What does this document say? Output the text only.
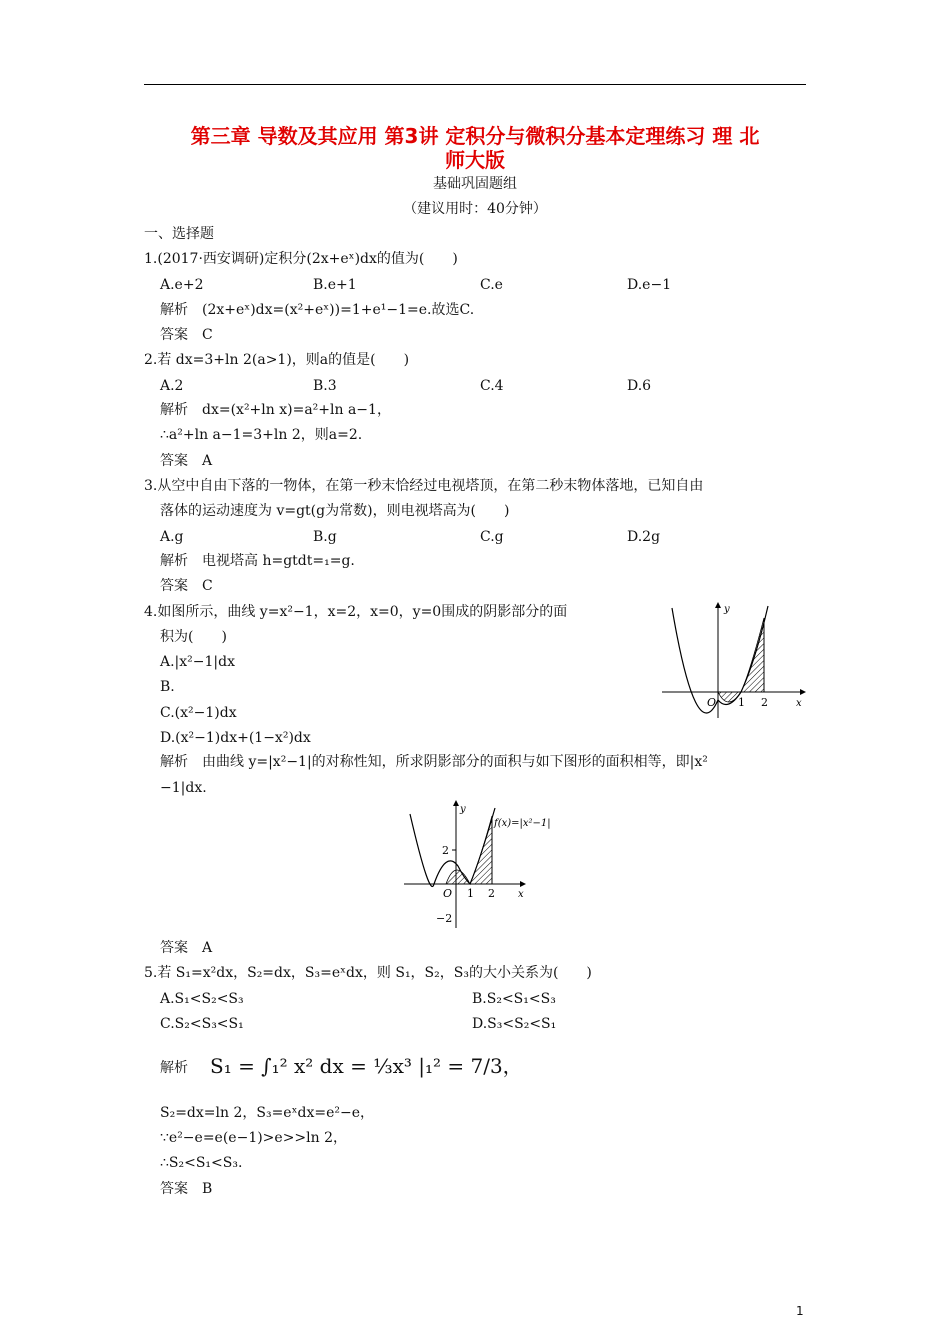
第三章 导数及其应用 第3讲 定积分与微积分基本定理练习 理 北
师大版
基础巩固题组
（建议用时：40分钟）
一、选择题
1.(2017·西安调研)定积分(2x+eˣ)dx的值为(　　)
A.e+2	B.e+1	C.e	D.e−1
解析　(2x+eˣ)dx=(x²+eˣ))=1+e¹−1=e.故选C.
答案　C
2.若 dx=3+ln 2(a>1)，则a的值是(　　)
A.2	B.3	C.4	D.6
解析　dx=(x²+ln x)=a²+ln a−1，
∴a²+ln a−1=3+ln 2，则a=2.
答案　A
3.从空中自由下落的一物体，在第一秒末恰经过电视塔顶，在第二秒末物体落地，已知自由
落体的运动速度为 v=gt(g为常数)，则电视塔高为(　　)
A.g	B.g	C.g	D.2g
解析　电视塔高 h=gtdt=₁=g.
答案　C
4.如图所示，曲线 y=x²−1，x=2，x=0，y=0围成的阴影部分的面
积为(　　)
A.|x²−1|dx
B.
C.(x²−1)dx
D.(x²−1)dx+(1−x²)dx
y
x
O 1 2
解析　由曲线 y=|x²−1|的对称性知，所求阴影部分的面积与如下图形的面积相等，即|x²
−1|dx.
y
x
O 1 2
2
−2
f(x)=|x²−1|
答案　A
5.若 S₁=x²dx，S₂=dx，S₃=eˣdx，则 S₁，S₂，S₃的大小关系为(　　)
A.S₁<S₂<S₃	B.S₂<S₁<S₃
C.S₂<S₃<S₁	D.S₃<S₂<S₁
解析 S₁ = ∫₁² x² dx = ⅓x³ |₁² = 7/3，
S₂=dx=ln 2，S₃=eˣdx=e²−e，
∵e²−e=e(e−1)>e>>ln 2，
∴S₂<S₁<S₃.
答案　B
1
